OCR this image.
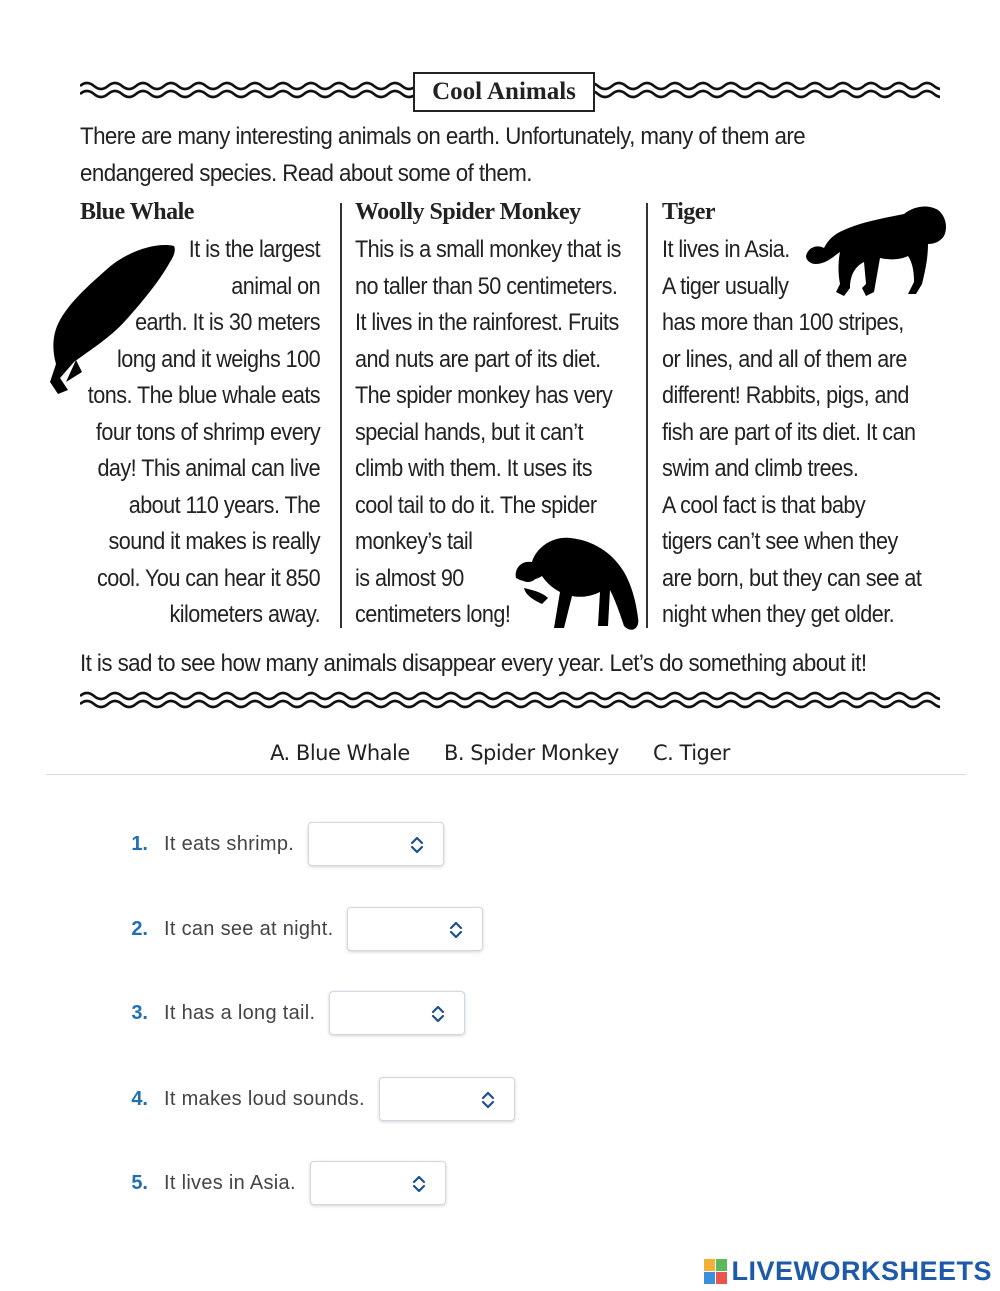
Cool Animals
There are many interesting animals on earth. Unfortunately, many of them are endangered species. Read about some of them.
Blue Whale
It is the largest
animal on
earth. It is 30 meters
long and it weighs 100
tons. The blue whale eats
four tons of shrimp every
day! This animal can live
about 110 years. The
sound it makes is really
cool. You can hear it 850
kilometers away.
Woolly Spider Monkey
This is a small monkey that is
no taller than 50 centimeters.
It lives in the rainforest. Fruits
and nuts are part of its diet.
The spider monkey has very
special hands, but it can’t
climb with them. It uses its
cool tail to do it. The spider
monkey’s tail
is almost 90
centimeters long!
Tiger
It lives in Asia.
A tiger usually
has more than 100 stripes,
or lines, and all of them are
different! Rabbits, pigs, and
fish are part of its diet. It can
swim and climb trees.
A cool fact is that baby
tigers can’t see when they
are born, but they can see at
night when they get older.
It is sad to see how many animals disappear every year. Let’s do something about it!
A. Blue Whale B. Spider Monkey C. Tiger
1. It eats shrimp.
2. It can see at night.
3. It has a long tail.
4. It makes loud sounds.
5. It lives in Asia.
LIVEWORKSHEETS
